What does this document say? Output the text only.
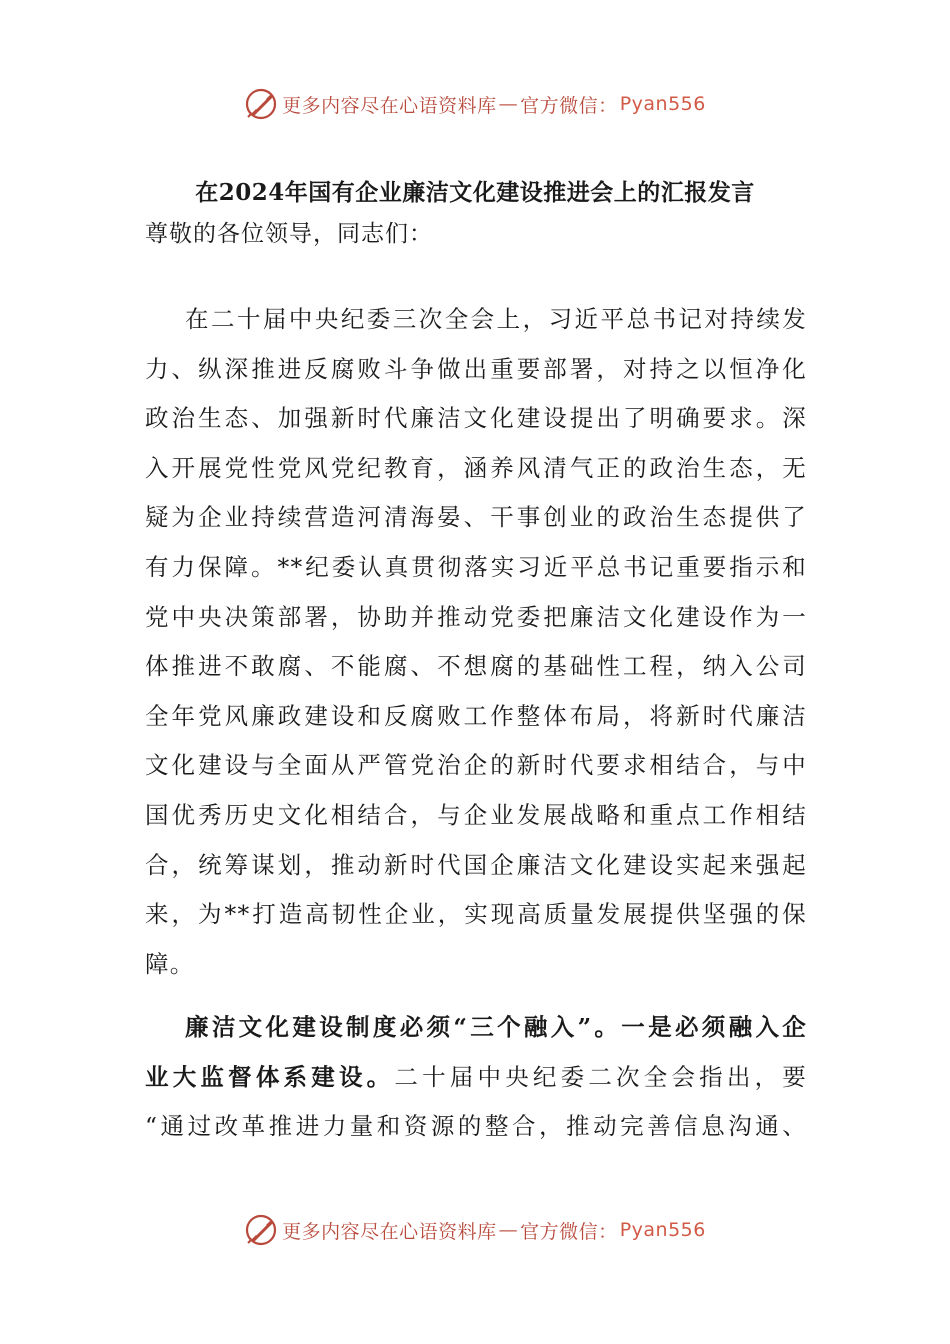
更多内容尽在心语资料库 — 官方微信： Pyan556
在2024年国有企业廉洁文化建设推进会上的汇报发言
尊敬的各位领导，同志们：
在二十届中央纪委三次全会上，习近平总书记对持续发
力、纵深推进反腐败斗争做出重要部署，对持之以恒净化
政治生态、加强新时代廉洁文化建设提出了明确要求。深
入开展党性党风党纪教育，涵养风清气正的政治生态，无
疑为企业持续营造河清海晏、干事创业的政治生态提供了
有力保障。**纪委认真贯彻落实习近平总书记重要指示和
党中央决策部署，协助并推动党委把廉洁文化建设作为一
体推进不敢腐、不能腐、不想腐的基础性工程，纳入公司
全年党风廉政建设和反腐败工作整体布局，将新时代廉洁
文化建设与全面从严管党治企的新时代要求相结合，与中
国优秀历史文化相结合，与企业发展战略和重点工作相结
合，统筹谋划，推动新时代国企廉洁文化建设实起来强起
来，为**打造高韧性企业，实现高质量发展提供坚强的保
障。
廉洁文化建设制度必须“三个融入”。一是必须融入企
业大监督体系建设。二十届中央纪委二次全会指出，要
“通过改革推进力量和资源的整合，推动完善信息沟通、
更多内容尽在心语资料库 — 官方微信： Pyan556
